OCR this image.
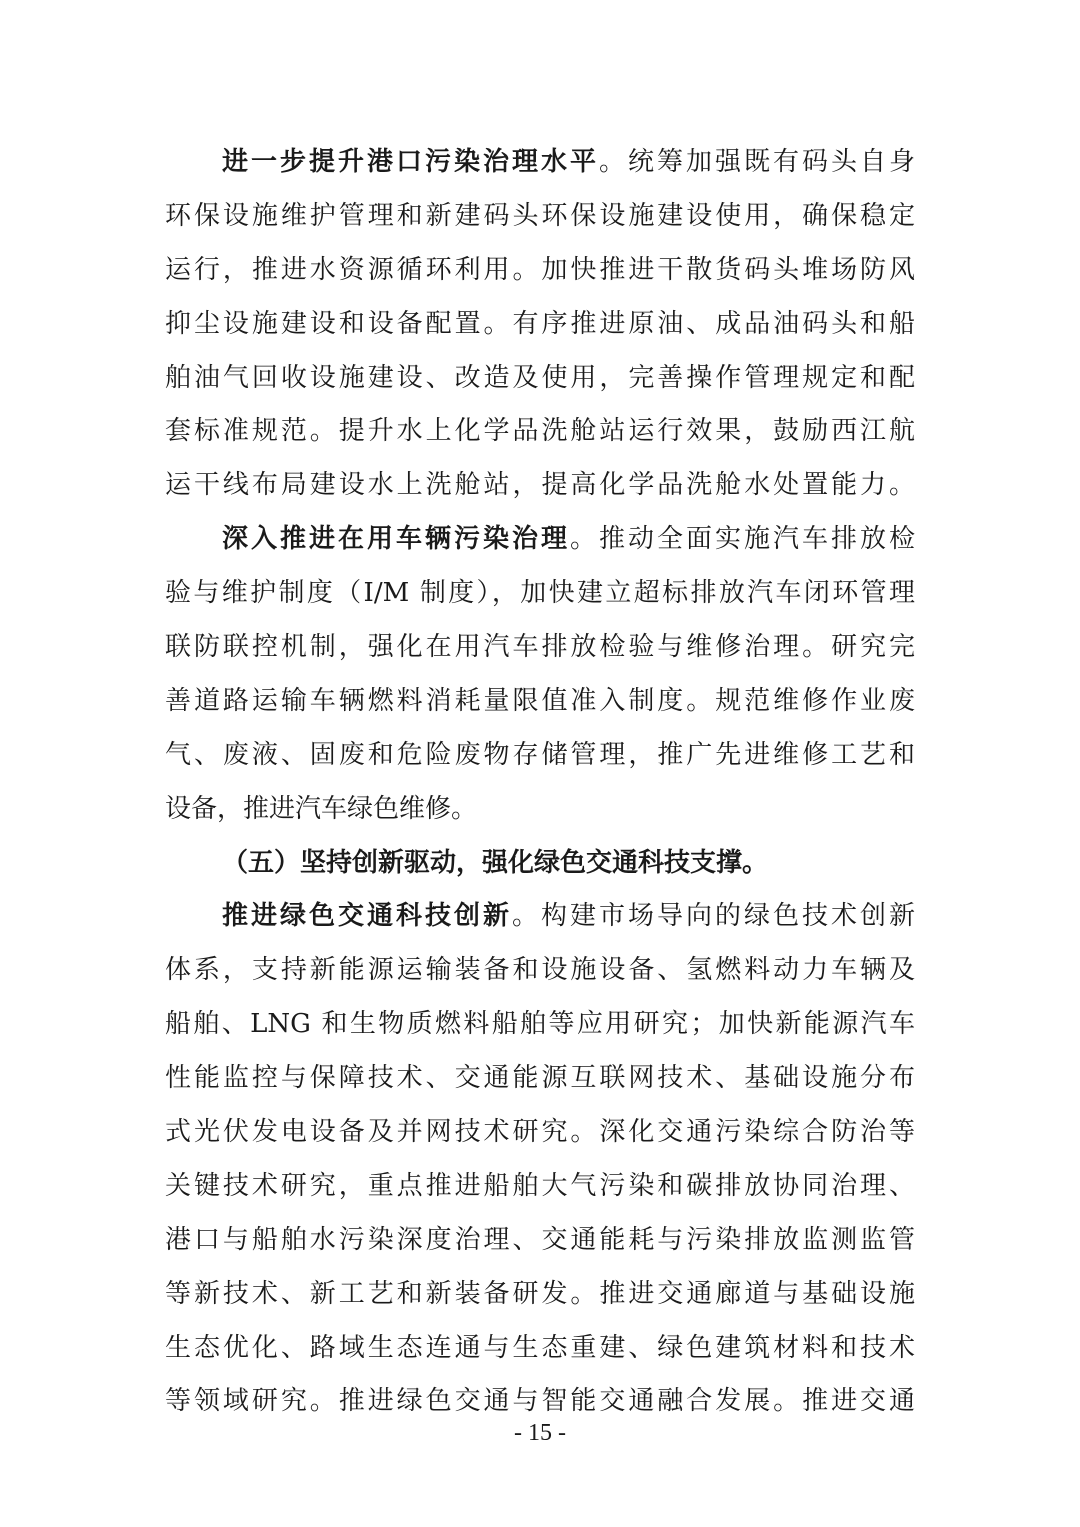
进一步提升港口污染治理水平。统筹加强既有码头自身
环保设施维护管理和新建码头环保设施建设使用，确保稳定
运行，推进水资源循环利用。加快推进干散货码头堆场防风
抑尘设施建设和设备配置。有序推进原油、成品油码头和船
舶油气回收设施建设、改造及使用，完善操作管理规定和配
套标准规范。提升水上化学品洗舱站运行效果，鼓励西江航
运干线布局建设水上洗舱站，提高化学品洗舱水处置能力。
深入推进在用车辆污染治理。推动全面实施汽车排放检
验与维护制度（I/M 制度），加快建立超标排放汽车闭环管理
联防联控机制，强化在用汽车排放检验与维修治理。研究完
善道路运输车辆燃料消耗量限值准入制度。规范维修作业废
气、废液、固废和危险废物存储管理，推广先进维修工艺和
设备，推进汽车绿色维修。
（五）坚持创新驱动，强化绿色交通科技支撑。
推进绿色交通科技创新。构建市场导向的绿色技术创新
体系，支持新能源运输装备和设施设备、氢燃料动力车辆及
船舶、LNG 和生物质燃料船舶等应用研究；加快新能源汽车
性能监控与保障技术、交通能源互联网技术、基础设施分布
式光伏发电设备及并网技术研究。深化交通污染综合防治等
关键技术研究，重点推进船舶大气污染和碳排放协同治理、
港口与船舶水污染深度治理、交通能耗与污染排放监测监管
等新技术、新工艺和新装备研发。推进交通廊道与基础设施
生态优化、路域生态连通与生态重建、绿色建筑材料和技术
等领域研究。推进绿色交通与智能交通融合发展。推进交通
- 15 -
